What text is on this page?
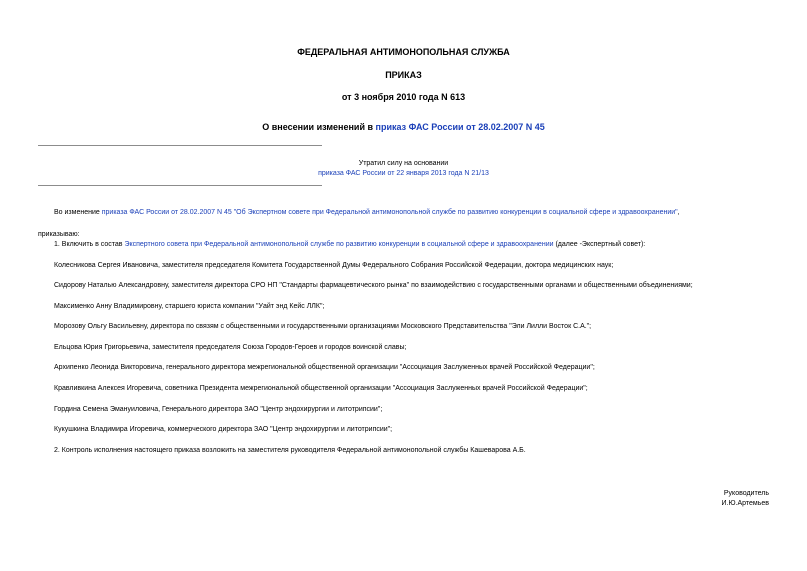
ФЕДЕРАЛЬНАЯ АНТИМОНОПОЛЬНАЯ СЛУЖБА
ПРИКАЗ
от 3 ноября 2010 года N 613
О внесении изменений в приказ ФАС России от 28.02.2007 N 45
Утратил силу на основании
приказа ФАС России от 22 января 2013 года N 21/13
Во изменение приказа ФАС России от 28.02.2007 N 45 "Об Экспертном совете при Федеральной антимонопольной службе по развитию конкуренции в социальной сфере и здравоохранении",
приказываю:
1. Включить в состав Экспертного совета при Федеральной антимонопольной службе по развитию конкуренции в социальной сфере и здравоохранении (далее -Экспертный совет):
Колесникова Сергея Ивановича, заместителя председателя Комитета Государственной Думы Федерального Собрания Российской Федерации, доктора медицинских наук;
Сидорову Наталью Александровну, заместителя директора СРО НП "Стандарты фармацевтического рынка" по взаимодействию с государственными органами и общественными объединениями;
Максименко Анну Владимировну, старшего юриста компании "Уайт энд Кейс ЛЛК";
Морозову Ольгу Васильевну, директора по связям с общественными и государственными организациями Московского Представительства "Эли Лилли Восток С.А.";
Ельцова Юрия Григорьевича, заместителя председателя Союза Городов-Героев и городов воинской славы;
Архипенко Леонида Викторовича, генерального директора межрегиональной общественной организации "Ассоциация Заслуженных врачей Российской Федерации";
Кравливкина Алексея Игоревича, советника Президента межрегиональной общественной организации "Ассоциация Заслуженных врачей Российской Федерации";
Гордина Семена Эмануиловича, Генерального директора ЗАО "Центр эндохирургии и литотрипсии";
Кукушкина Владимира Игоревича, коммерческого директора ЗАО "Центр эндохирургии и литотрипсии";
2. Контроль исполнения настоящего приказа возложить на заместителя руководителя Федеральной антимонопольной службы Кашеварова А.Б.
Руководитель
И.Ю.Артемьев
